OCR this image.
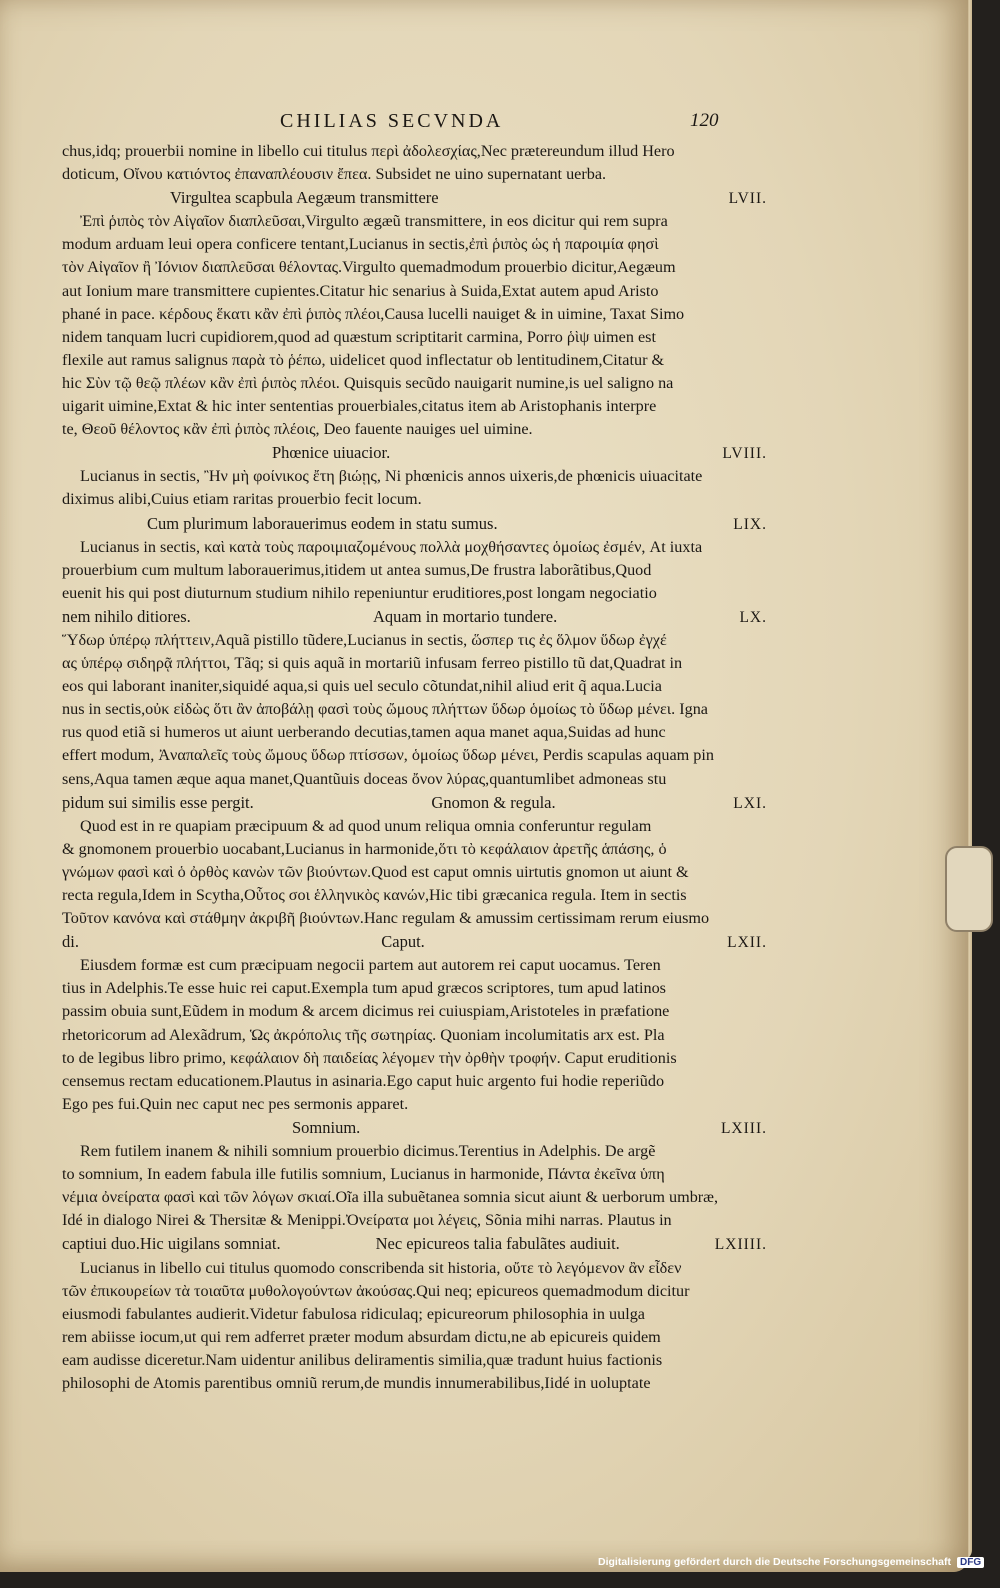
CHILIAS SECVNDA	120
chus,idq; prouerbii nomine in libello cui titulus περὶ ἀδολεσχίας,Nec prætereundum illud Hero
doticum, Οἴνου κατιόντος ἐπαναπλέουσιν ἔπεα. Subsidet ne uino supernatant uerba.
Virgultea scapbula Aegæum transmittere	LVII.
Ἐπὶ ῥιπὸς τὸν Αἰγαῖον διαπλεῦσαι,Virgulto ægæũ transmittere, in eos dicitur qui rem supra
modum arduam leui opera conficere tentant,Lucianus in sectis,ἐπὶ ῥιπὸς ὡς ἡ παροιμία φησὶ
τὸν Αἰγαῖον ἢ Ἰόνιον διαπλεῦσαι θέλοντας.Virgulto quemadmodum prouerbio dicitur,Aegæum
aut Ionium mare transmittere cupientes.Citatur hic senarius à Suida,Extat autem apud Aristo
phané in pace. κέρδους ἕκατι κἂν ἐπὶ ῥιπὸς πλέοι,Causa lucelli nauiget & in uimine, Taxat Simo
nidem tanquam lucri cupidiorem,quod ad quæstum scriptitarit carmina, Porro ῥὶψ uimen est
flexile aut ramus salignus παρὰ τὸ ῥέπω, uidelicet quod inflectatur ob lentitudinem,Citatur &
hic Σὺν τῷ θεῷ πλέων κἂν ἐπὶ ῥιπὸς πλέοι. Quisquis secũdo nauigarit numine,is uel saligno na
uigarit uimine,Extat & hic inter sententias prouerbiales,citatus item ab Aristophanis interpre
te, Θεοῦ θέλοντος κἂν ἐπὶ ῥιπὸς πλέοις, Deo fauente nauiges uel uimine.
Phœnice uiuacior.	LVIII.
Lucianus in sectis, Ἢν μὴ φοίνικος ἔτη βιώῃς, Ni phœnicis annos uixeris,de phœnicis uiuacitate
diximus alibi,Cuius etiam raritas prouerbio fecit locum.
Cum plurimum laborauerimus eodem in statu sumus.	LIX.
Lucianus in sectis, καὶ κατὰ τοὺς παροιμιαζομένους πολλὰ μοχθήσαντες ὁμοίως ἐσμέν, At iuxta
prouerbium cum multum laborauerimus,itidem ut antea sumus,De frustra laborãtibus,Quod
euenit his qui post diuturnum studium nihilo repeniuntur eruditiores,post longam negociatio
nem nihilo ditiores.	Aquam in mortario tundere.	LX.
Ὕδωρ ὑπέρῳ πλήττειν,Aquã pistillo tũdere,Lucianus in sectis, ὥσπερ τις ἐς ὅλμον ὕδωρ ἐγχέ
ας ὑπέρῳ σιδηρᾷ πλήττοι, Tãq; si quis aquã in mortariũ infusam ferreo pistillo tũ dat,Quadrat in
eos qui laborant inaniter,siquidé aqua,si quis uel seculo cõtundat,nihil aliud erit q̃ aqua.Lucia
nus in sectis,οὐκ εἰδὼς ὅτι ἂν ἀποβάλῃ φασὶ τοὺς ὤμους πλήττων ὕδωρ ὁμοίως τὸ ὕδωρ μένει. Igna
rus quod etiã si humeros ut aiunt uerberando decutias,tamen aqua manet aqua,Suidas ad hunc
effert modum, Ἀναπαλεῖς τοὺς ὤμους ὕδωρ πτίσσων, ὁμοίως ὕδωρ μένει, Perdis scapulas aquam pin
sens,Aqua tamen æque aqua manet,Quantũuis doceas ὄνον λύρας,quantumlibet admoneas stu
pidum sui similis esse pergit.	Gnomon & regula.	LXI.
Quod est in re quapiam præcipuum & ad quod unum reliqua omnia conferuntur regulam
& gnomonem prouerbio uocabant,Lucianus in harmonide,ὅτι τὸ κεφάλαιον ἀρετῆς ἁπάσης, ὁ
γνώμων φασὶ καὶ ὁ ὀρθὸς κανὼν τῶν βιούντων.Quod est caput omnis uirtutis gnomon ut aiunt &
recta regula,Idem in Scytha,Οὗτος σοι ἑλληνικὸς κανών,Hic tibi græcanica regula. Item in sectis
Τοῦτον κανόνα καὶ στάθμην ἀκριβῆ βιούντων.Hanc regulam & amussim certissimam rerum eiusmo
di.	Caput.	LXII.
Eiusdem formæ est cum præcipuam negocii partem aut autorem rei caput uocamus. Teren
tius in Adelphis.Te esse huic rei caput.Exempla tum apud græcos scriptores, tum apud latinos
passim obuia sunt,Eũdem in modum & arcem dicimus rei cuiuspiam,Aristoteles in præfatione
rhetoricorum ad Alexãdrum, Ὡς ἀκρόπολις τῆς σωτηρίας. Quoniam incolumitatis arx est. Pla
to de legibus libro primo, κεφάλαιον δὴ παιδείας λέγομεν τὴν ὀρθὴν τροφήν. Caput eruditionis
censemus rectam educationem.Plautus in asinaria.Ego caput huic argento fui hodie reperiũdo
Ego pes fui.Quin nec caput nec pes sermonis apparet.
Somnium.	LXIII.
Rem futilem inanem & nihili somnium prouerbio dicimus.Terentius in Adelphis. De argẽ
to somnium, In eadem fabula ille futilis somnium, Lucianus in harmonide, Πάντα ἐκεῖνα ὑπη
νέμια ὀνείρατα φασὶ καὶ τῶν λόγων σκιαί.Oĩa illa subuẽtanea somnia sicut aiunt & uerborum umbræ,
Idé in dialogo Nirei & Thersitæ & Menippi.Ὀνείρατα μοι λέγεις, Sõnia mihi narras. Plautus in
captiui duo.Hic uigilans somniat.	Nec epicureos talia fabulãtes audiuit.	LXIIII.
Lucianus in libello cui titulus quomodo conscribenda sit historia, οὔτε τὸ λεγόμενον ἂν εἶδεν
τῶν ἐπικουρείων τὰ τοιαῦτα μυθολογούντων ἀκούσας.Qui neq; epicureos quemadmodum dicitur
eiusmodi fabulantes audierit.Videtur fabulosa ridiculaq; epicureorum philosophia in uulga
rem abiisse iocum,ut qui rem adferret præter modum absurdam dictu,ne ab epicureis quidem
eam audisse diceretur.Nam uidentur anilibus deliramentis similia,quæ tradunt huius factionis
philosophi de Atomis parentibus omniũ rerum,de mundis innumerabilibus,Iidé in uoluptate
Digitalisierung gefördert durch die Deutsche Forschungsgemeinschaft DFG
